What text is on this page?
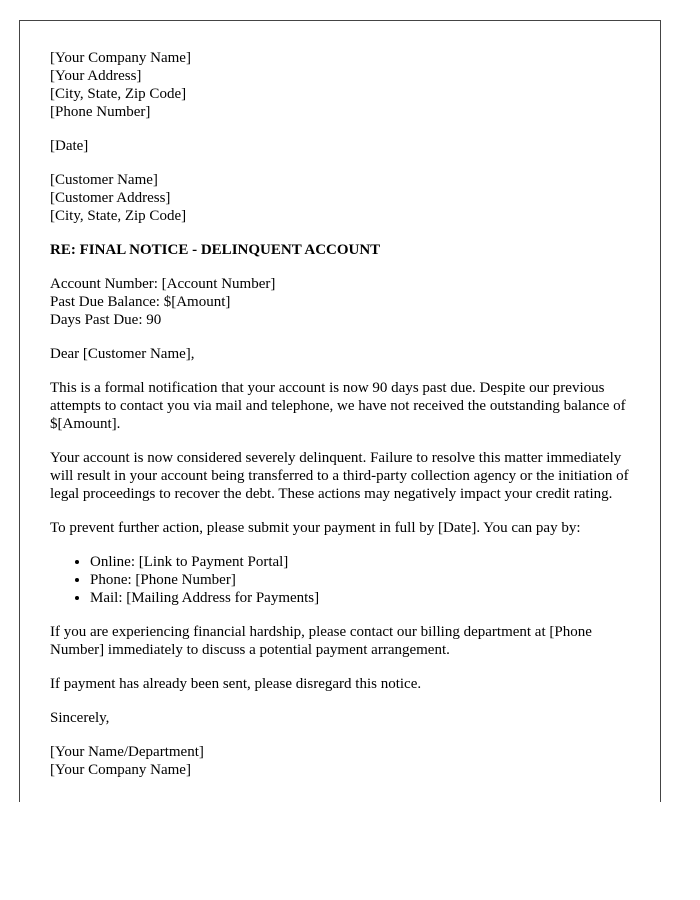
[Your Company Name]
[Your Address]
[City, State, Zip Code]
[Phone Number]
[Date]
[Customer Name]
[Customer Address]
[City, State, Zip Code]
RE: FINAL NOTICE - DELINQUENT ACCOUNT
Account Number: [Account Number]
Past Due Balance: $[Amount]
Days Past Due: 90

Dear [Customer Name],

This is a formal notification that your account is now 90 days past due. Despite our previous attempts to contact you via mail and telephone, we have not received the outstanding balance of $[Amount].

Your account is now considered severely delinquent. Failure to resolve this matter immediately will result in your account being transferred to a third-party collection agency or the initiation of legal proceedings to recover the debt. These actions may negatively impact your credit rating.

To prevent further action, please submit your payment in full by [Date]. You can pay by:

• Online: [Link to Payment Portal]
• Phone: [Phone Number]
• Mail: [Mailing Address for Payments]

If you are experiencing financial hardship, please contact our billing department at [Phone Number] immediately to discuss a potential payment arrangement.

If payment has already been sent, please disregard this notice.

Sincerely,

[Your Name/Department]
[Your Company Name]
